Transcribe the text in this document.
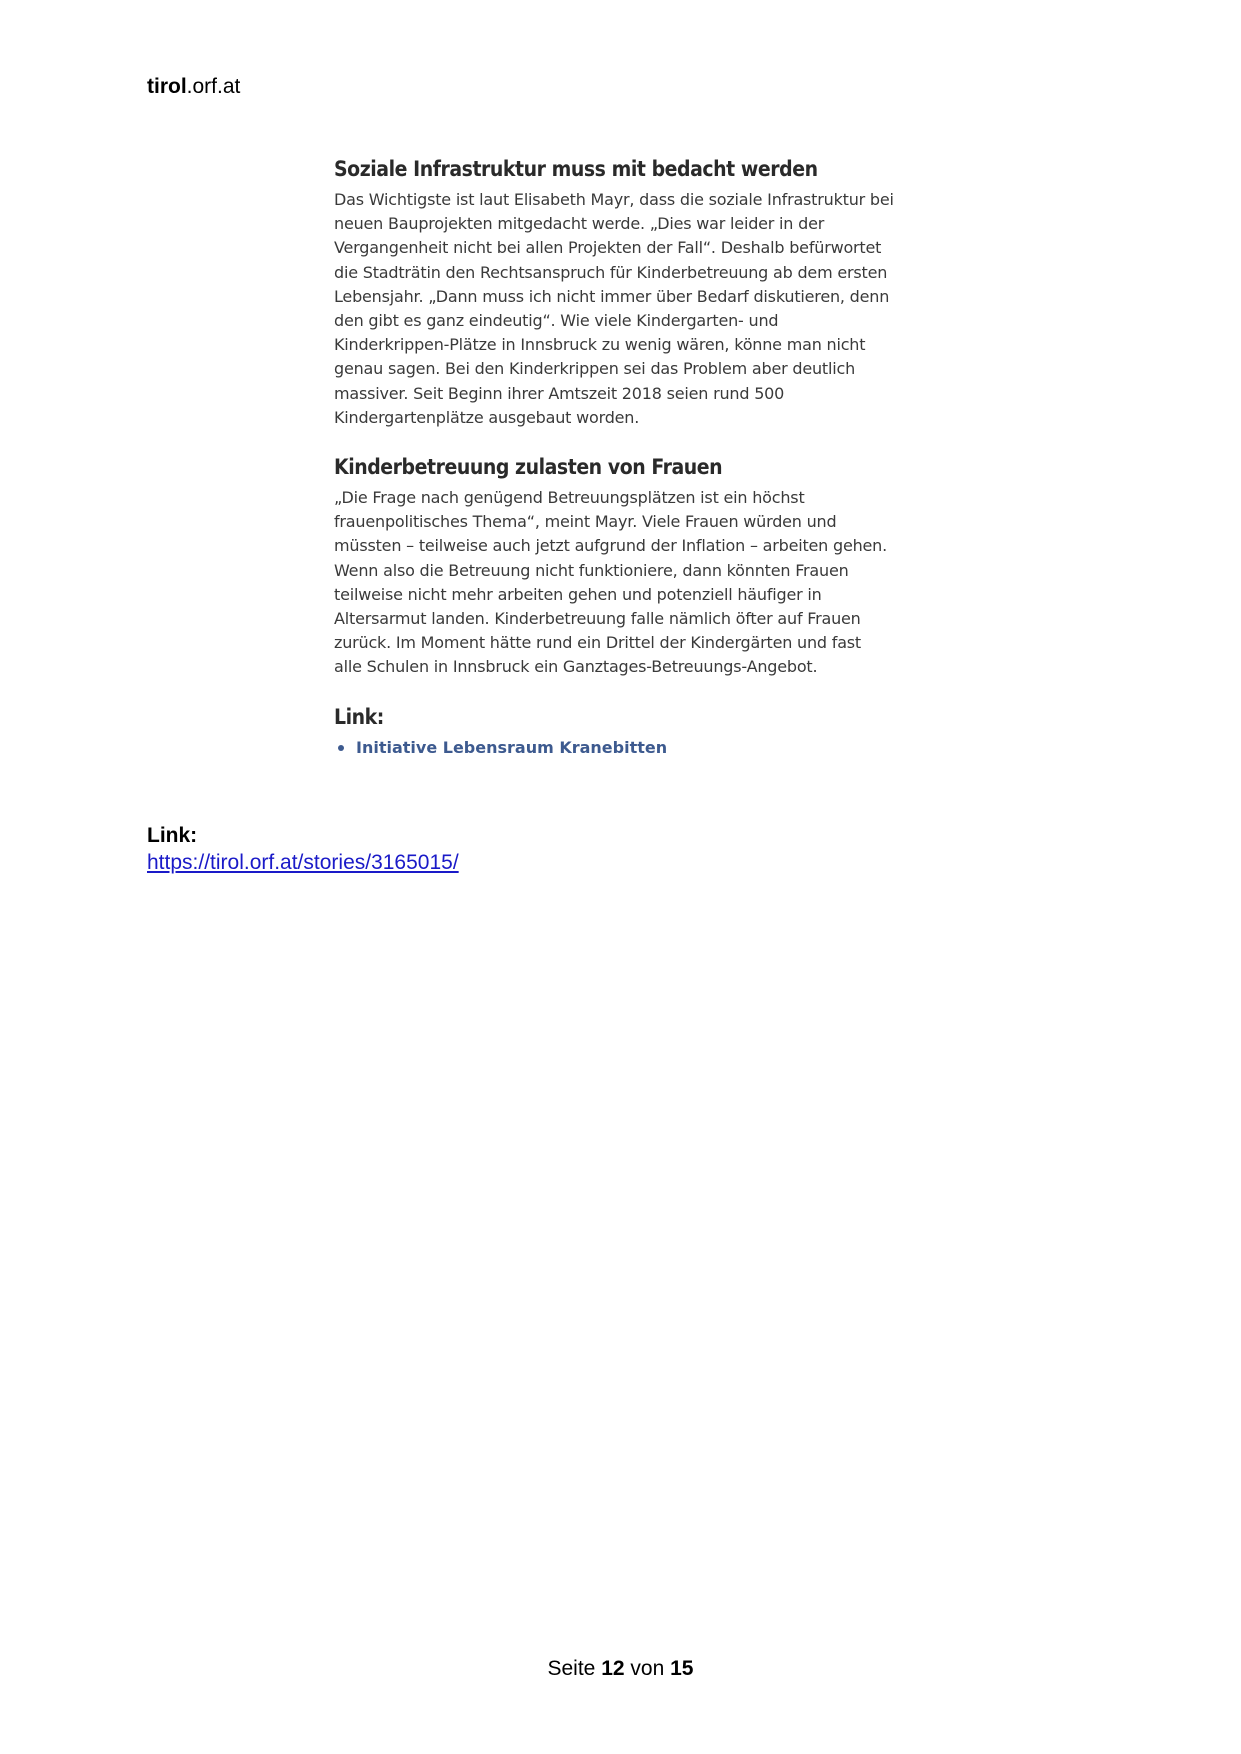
tirol.orf.at
Soziale Infrastruktur muss mit bedacht werden

Das Wichtigste ist laut Elisabeth Mayr, dass die soziale Infrastruktur bei
neuen Bauprojekten mitgedacht werde. „Dies war leider in der
Vergangenheit nicht bei allen Projekten der Fall“. Deshalb befürwortet
die Stadträtin den Rechtsanspruch für Kinderbetreuung ab dem ersten
Lebensjahr. „Dann muss ich nicht immer über Bedarf diskutieren, denn
den gibt es ganz eindeutig“. Wie viele Kindergarten- und
Kinderkrippen-Plätze in Innsbruck zu wenig wären, könne man nicht
genau sagen. Bei den Kinderkrippen sei das Problem aber deutlich
massiver. Seit Beginn ihrer Amtszeit 2018 seien rund 500
Kindergartenplätze ausgebaut worden.

Kinderbetreuung zulasten von Frauen

„Die Frage nach genügend Betreuungsplätzen ist ein höchst
frauenpolitisches Thema“, meint Mayr. Viele Frauen würden und
müssten – teilweise auch jetzt aufgrund der Inflation – arbeiten gehen.
Wenn also die Betreuung nicht funktioniere, dann könnten Frauen
teilweise nicht mehr arbeiten gehen und potenziell häufiger in
Altersarmut landen. Kinderbetreuung falle nämlich öfter auf Frauen
zurück. Im Moment hätte rund ein Drittel der Kindergärten und fast
alle Schulen in Innsbruck ein Ganztages-Betreuungs-Angebot.

Link:
Initiative Lebensraum Kranebitten
Link:
https://tirol.orf.at/stories/3165015/
Seite 12 von 15
